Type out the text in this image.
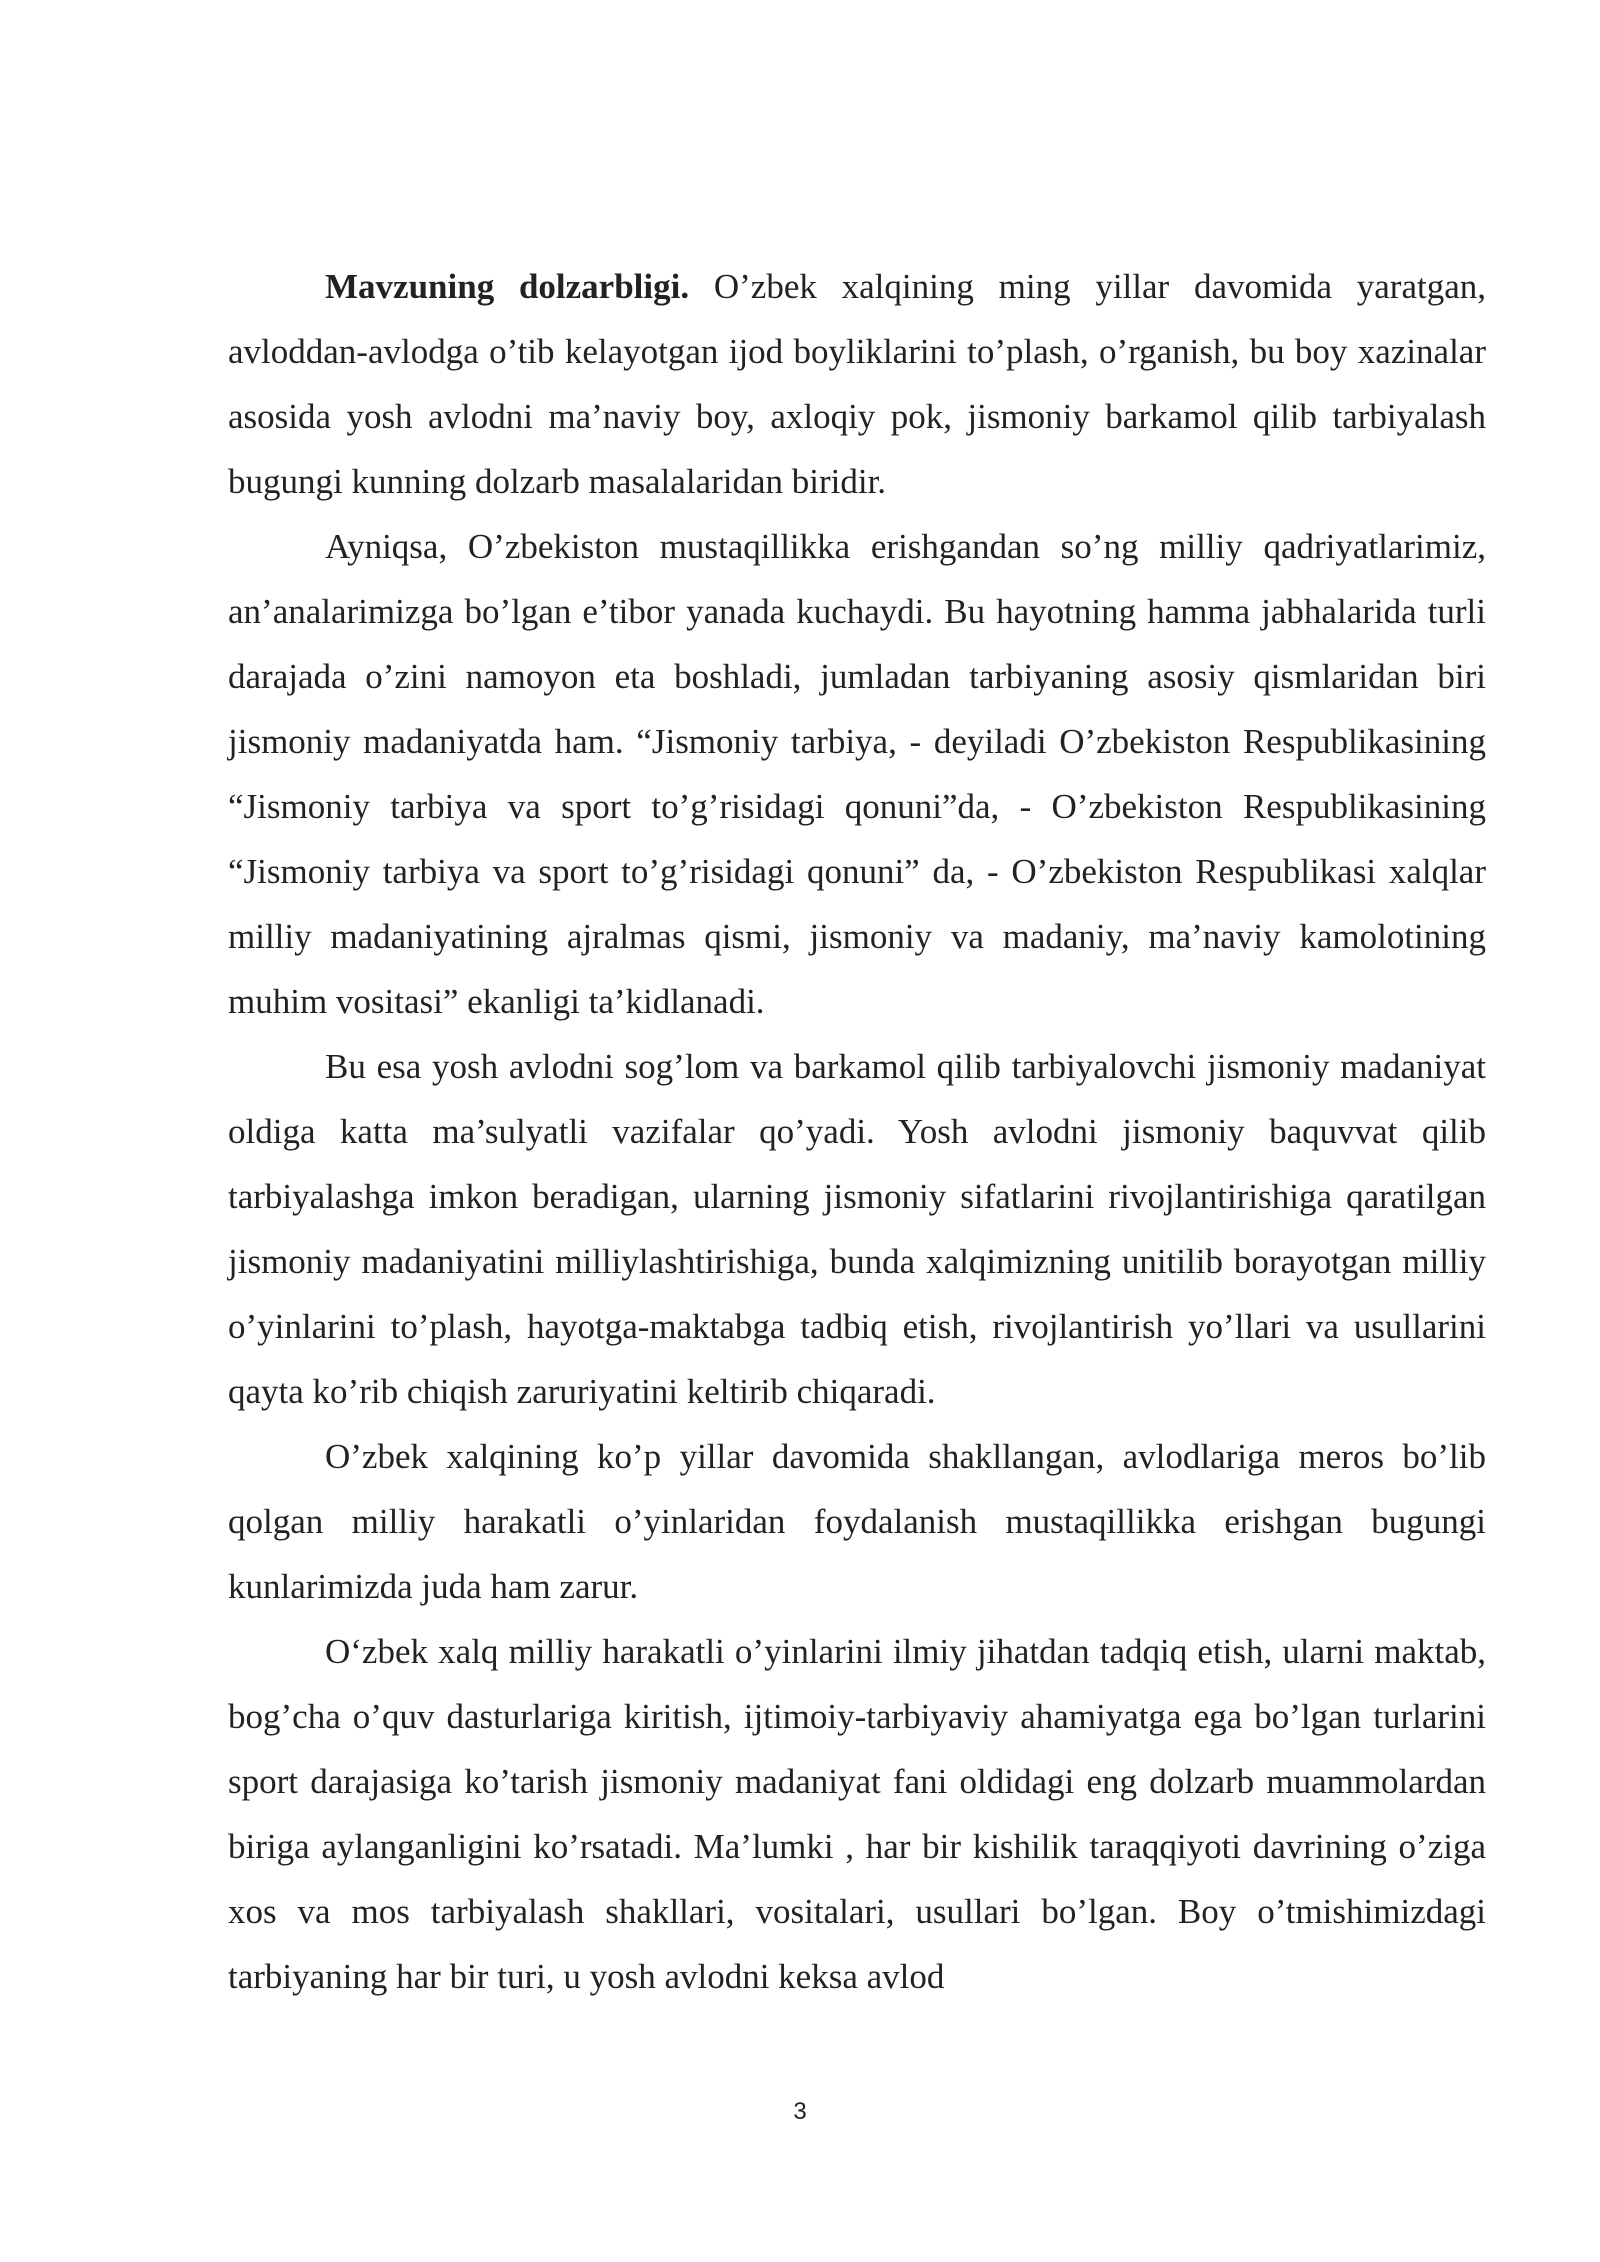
Mavzuning dolzarbligi. O’zbek xalqining ming yillar davomida yaratgan, avloddan-avlodga o’tib kelayotgan ijod boyliklarini to’plash, o’rganish, bu boy xazinalar asosida yosh avlodni ma’naviy boy, axloqiy pok, jismoniy barkamol qilib tarbiyalash bugungi kunning dolzarb masalalaridan biridir.

Ayniqsa, O’zbekiston mustaqillikka erishgandan so’ng milliy qadriyatlarimiz, an’analarimizga bo’lgan e’tibor yanada kuchaydi. Bu hayotning hamma jabhalarida turli darajada o’zini namoyon eta boshladi, jumladan tarbiyaning asosiy qismlaridan biri jismoniy madaniyatda ham. “Jismoniy tarbiya, - deyiladi O’zbekiston Respublikasining “Jismoniy tarbiya va sport to’g’risidagi qonuni”da, - O’zbekiston Respublikasining “Jismoniy tarbiya va sport to’g’risidagi qonuni” da, - O’zbekiston Respublikasi xalqlar milliy madaniyatining ajralmas qismi, jismoniy va madaniy, ma’naviy kamolotining muhim vositasi” ekanligi ta’kidlanadi.

Bu esa yosh avlodni sog’lom va barkamol qilib tarbiyalovchi jismoniy madaniyat oldiga katta ma’sulyatli vazifalar qo’yadi. Yosh avlodni jismoniy baquvvat qilib tarbiyalashga imkon beradigan, ularning jismoniy sifatlarini rivojlantirishiga qaratilgan jismoniy madaniyatini milliylashtirishiga, bunda xalqimizning unitilib borayotgan milliy o’yinlarini to’plash, hayotga-maktabga tadbiq etish, rivojlantirish yo’llari va usullarini qayta ko’rib chiqish zaruriyatini keltirib chiqaradi.

O’zbek xalqining ko’p yillar davomida shakllangan, avlodlariga meros bo’lib qolgan milliy harakatli o’yinlaridan foydalanish mustaqillikka erishgan bugungi kunlarimizda juda ham zarur.

O‘zbek xalq milliy harakatli o’yinlarini ilmiy jihatdan tadqiq etish, ularni maktab, bog’cha o’quv dasturlariga kiritish, ijtimoiy-tarbiyaviy ahamiyatga ega bo’lgan turlarini sport darajasiga ko’tarish jismoniy madaniyat fani oldidagi eng dolzarb muammolardan biriga aylanganligini ko’rsatadi. Ma’lumki , har bir kishilik taraqqiyoti davrining o’ziga xos va mos tarbiyalash shakllari, vositalari, usullari bo’lgan. Boy o’tmishimizdagi tarbiyaning har bir turi, u yosh avlodni keksa avlod

3
